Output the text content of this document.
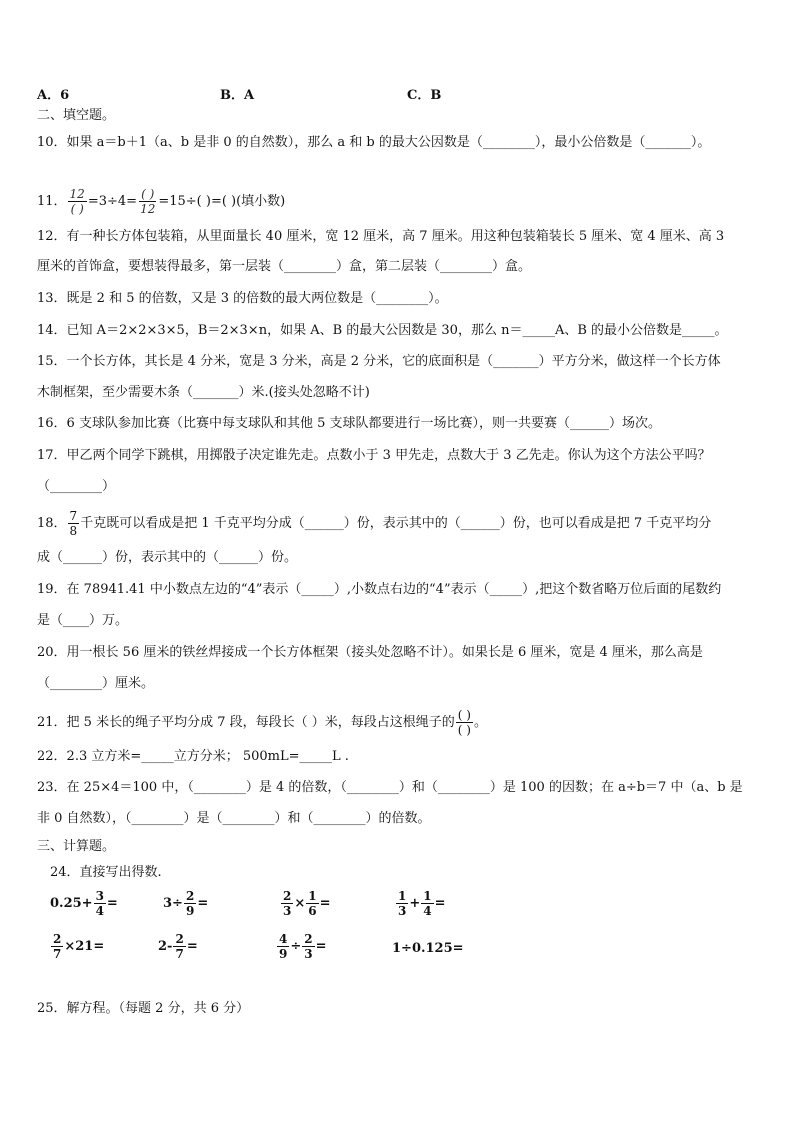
A．6	B．A	C．B
二、填空题。
10．如果 a＝b＋1（a、b 是非 0 的自然数），那么 a 和 b 的最大公因数是（________），最小公倍数是（_______）。
11． $\frac{12}{( )} =3\div 4= \frac{( )}{12} =15\div$( )=( )(填小数)
12．有一种长方体包装箱，从里面量长 40 厘米，宽 12 厘米，高 7 厘米。用这种包装箱装长 5 厘米、宽 4 厘米、高 3
厘米的首饰盒，要想装得最多，第一层装（________）盒，第二层装（________）盒。
13．既是 2 和 5 的倍数，又是 3 的倍数的最大两位数是（________）。
14．已知 A＝2×2×3×5，B＝2×3×n，如果 A、B 的最大公因数是 30，那么 n＝_____A、B 的最小公倍数是_____。
15．一个长方体，其长是 4 分米，宽是 3 分米，高是 2 分米，它的底面积是（_______）平方分米，做这样一个长方体
木制框架，至少需要木条（_______）米.(接头处忽略不计)
16．6 支球队参加比赛（比赛中每支球队和其他 5 支球队都要进行一场比赛），则一共要赛（______）场次。
17．甲乙两个同学下跳棋，用掷骰子决定谁先走。点数小于 3 甲先走，点数大于 3 乙先走。你认为这个方法公平吗？
（________）
18． $\frac{7}{8}$ 千克既可以看成是把 1 千克平均分成（______）份，表示其中的（______）份，也可以看成是把 7 千克平均分
成（______）份，表示其中的（______）份。
19．在 78941.41 中小数点左边的“4”表示（_____）,小数点右边的“4”表示（_____）,把这个数省略万位后面的尾数约
是（____）万。
20．用一根长 56 厘米的铁丝焊接成一个长方体框架（接头处忽略不计）。如果长是 6 厘米，宽是 4 厘米，那么高是
（________）厘米。
21．把 5 米长的绳子平均分成 7 段，每段长（ ）米，每段占这根绳子的 $\frac{( )}{( )}$ 。
22．2.3 立方米=_____立方分米； 500mL=_____L .
23．在 25×4＝100 中，（________）是 4 的倍数，（________）和（________）是 100 的因数；在 a÷b＝7 中（a、b 是
非 0 自然数），（________）是（________）和（________）的倍数。
三、计算题。
24．直接写出得数.
$0.25+ \frac{3}{4}$ =	$3\div \frac{2}{9}$ =	$\frac{2}{3} \times \frac{1}{6}$ =	$\frac{1}{3} + \frac{1}{4}$ =
$\frac{2}{7} \times 21=$	$2- \frac{2}{7}$ =	$\frac{4}{9} \div \frac{2}{3}$ =	1÷0.125=
25．解方程。（每题 2 分，共 6 分）
